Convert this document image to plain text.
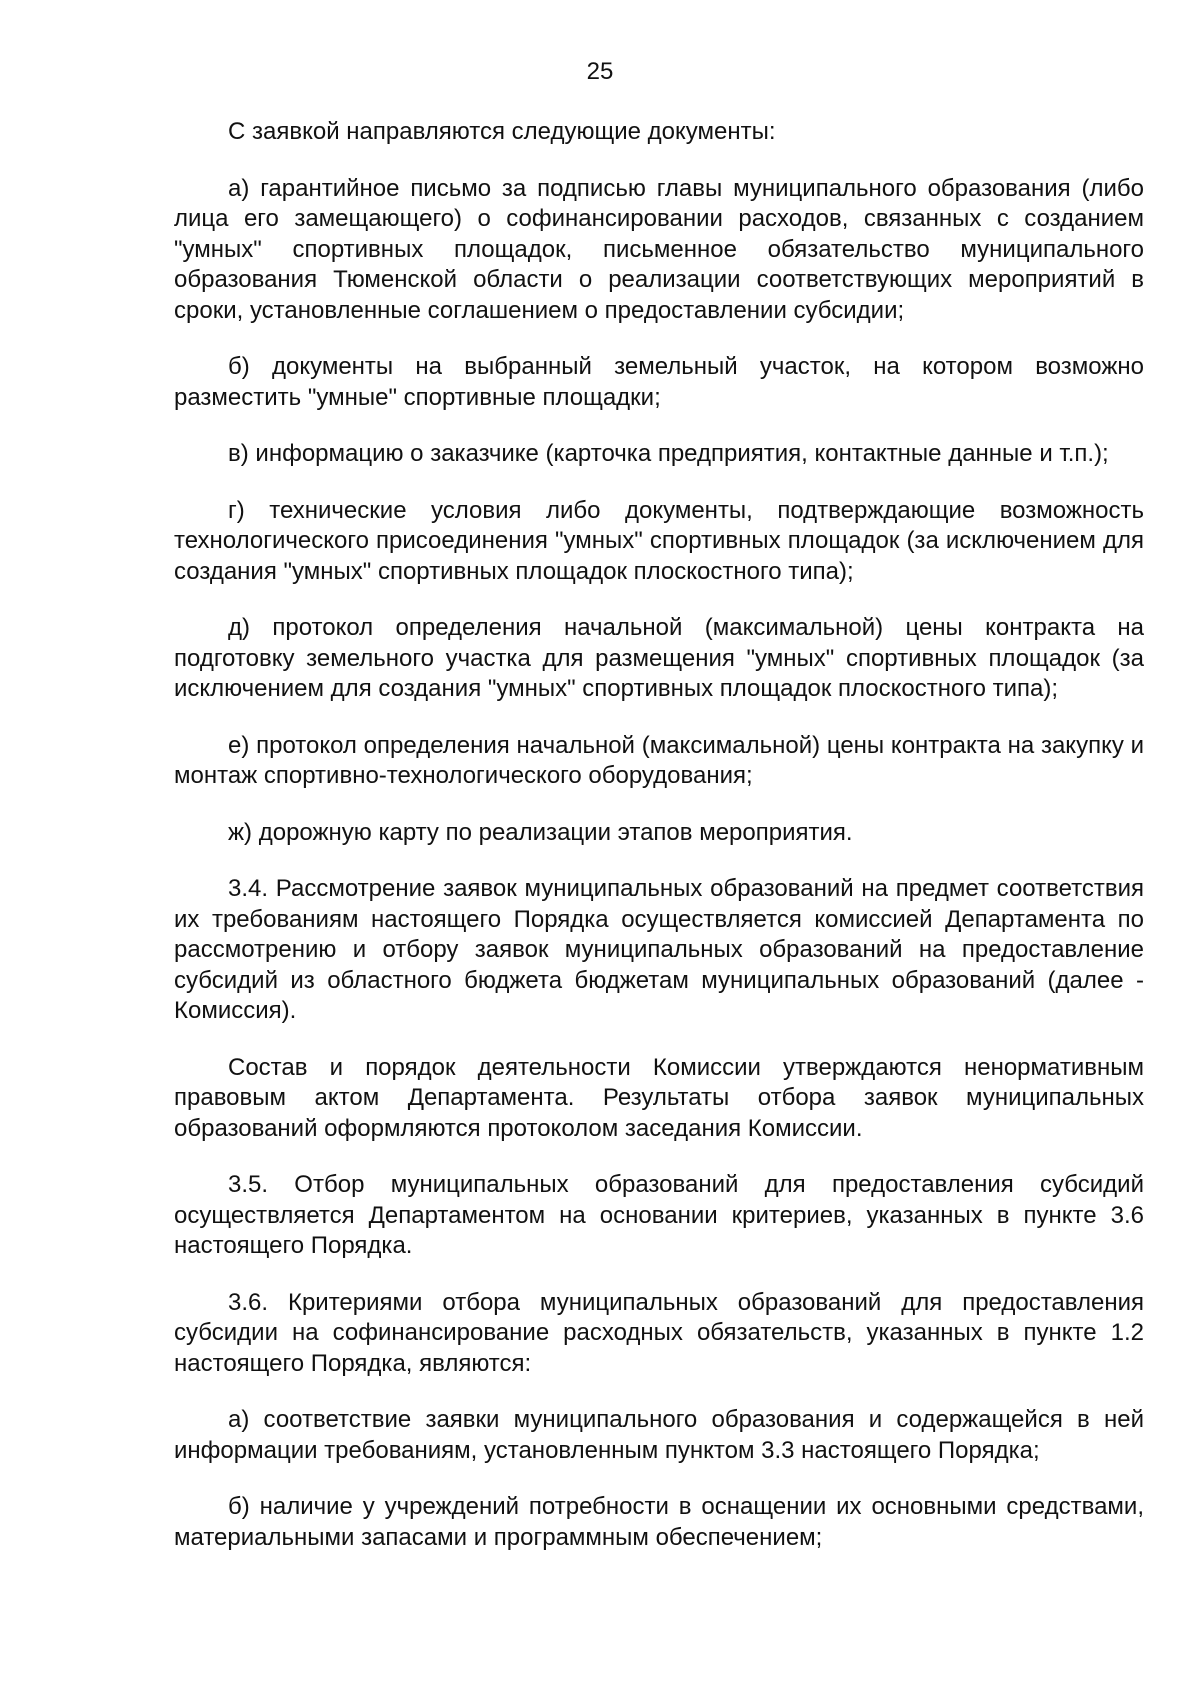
25

С заявкой направляются следующие документы:

а) гарантийное письмо за подписью главы муниципального образования (либо лица его замещающего) о софинансировании расходов, связанных с созданием "умных" спортивных площадок, письменное обязательство муниципального образования Тюменской области о реализации соответствующих мероприятий в сроки, установленные соглашением о предоставлении субсидии;

б) документы на выбранный земельный участок, на котором возможно разместить "умные" спортивные площадки;

в) информацию о заказчике (карточка предприятия, контактные данные и т.п.);

г) технические условия либо документы, подтверждающие возможность технологического присоединения "умных" спортивных площадок (за исключением для создания "умных" спортивных площадок плоскостного типа);

д) протокол определения начальной (максимальной) цены контракта на подготовку земельного участка для размещения "умных" спортивных площадок (за исключением для создания "умных" спортивных площадок плоскостного типа);

е) протокол определения начальной (максимальной) цены контракта на закупку и монтаж спортивно-технологического оборудования;

ж) дорожную карту по реализации этапов мероприятия.

3.4. Рассмотрение заявок муниципальных образований на предмет соответствия их требованиям настоящего Порядка осуществляется комиссией Департамента по рассмотрению и отбору заявок муниципальных образований на предоставление субсидий из областного бюджета бюджетам муниципальных образований (далее - Комиссия).

Состав и порядок деятельности Комиссии утверждаются ненормативным правовым актом Департамента. Результаты отбора заявок муниципальных образований оформляются протоколом заседания Комиссии.

3.5. Отбор муниципальных образований для предоставления субсидий осуществляется Департаментом на основании критериев, указанных в пункте 3.6 настоящего Порядка.

3.6. Критериями отбора муниципальных образований для предоставления субсидии на софинансирование расходных обязательств, указанных в пункте 1.2 настоящего Порядка, являются:

а) соответствие заявки муниципального образования и содержащейся в ней информации требованиям, установленным пунктом 3.3 настоящего Порядка;

б) наличие у учреждений потребности в оснащении их основными средствами, материальными запасами и программным обеспечением;
